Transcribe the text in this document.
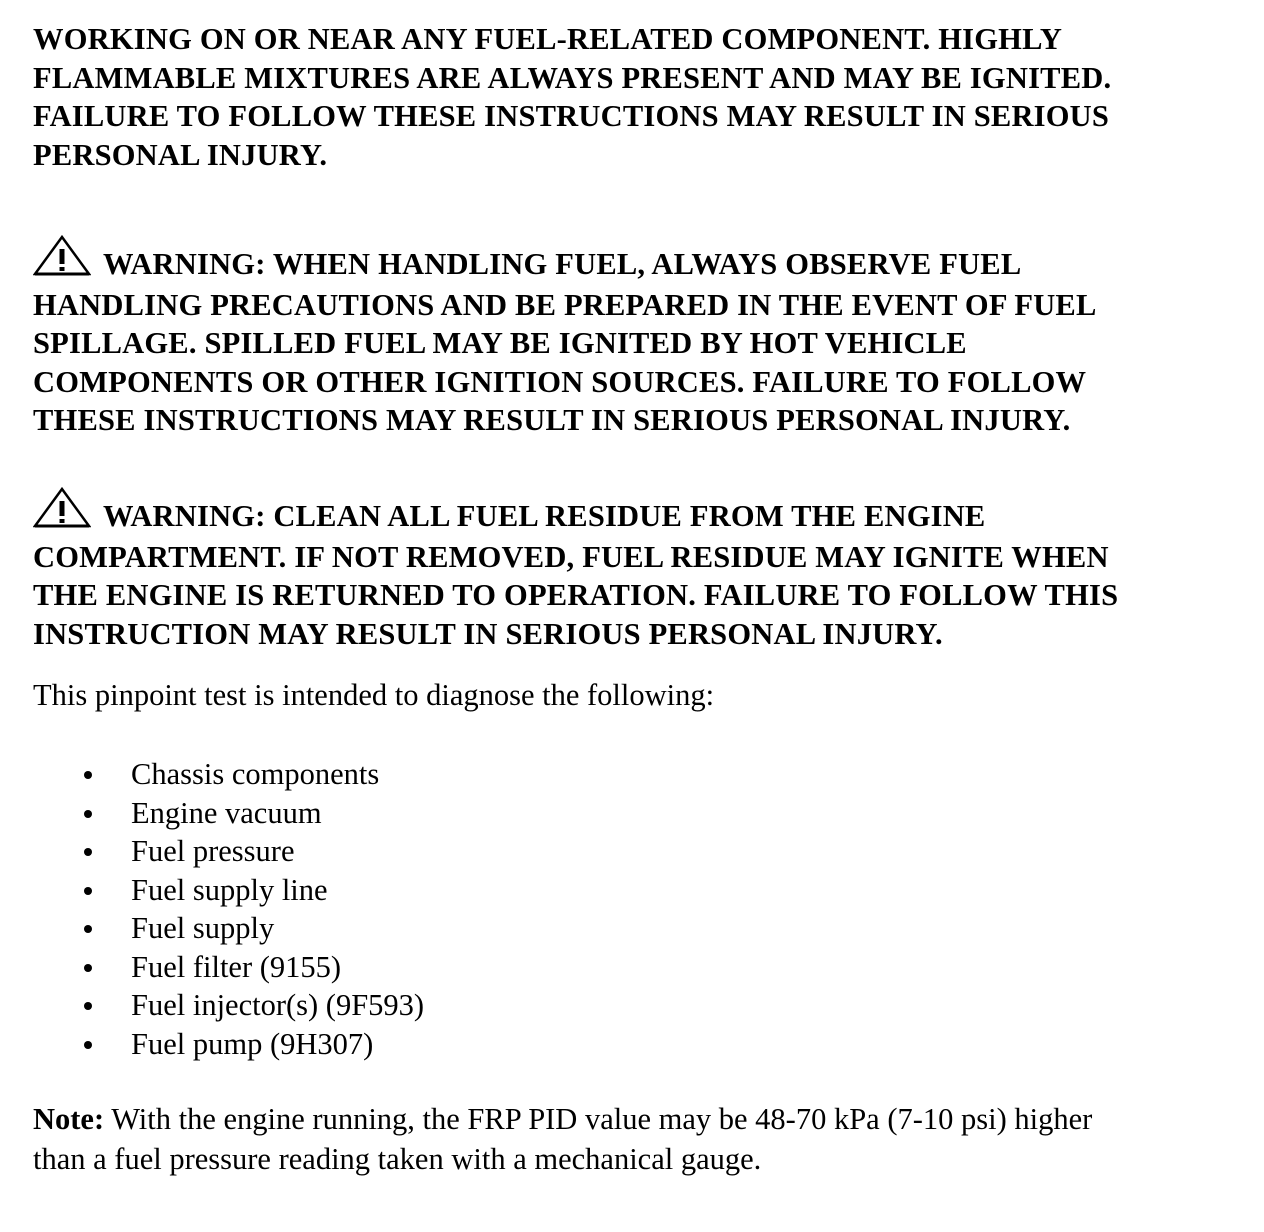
WORKING ON OR NEAR ANY FUEL-RELATED COMPONENT. HIGHLY
FLAMMABLE MIXTURES ARE ALWAYS PRESENT AND MAY BE IGNITED.
FAILURE TO FOLLOW THESE INSTRUCTIONS MAY RESULT IN SERIOUS
PERSONAL INJURY.
WARNING: WHEN HANDLING FUEL, ALWAYS OBSERVE FUEL
HANDLING PRECAUTIONS AND BE PREPARED IN THE EVENT OF FUEL
SPILLAGE. SPILLED FUEL MAY BE IGNITED BY HOT VEHICLE
COMPONENTS OR OTHER IGNITION SOURCES. FAILURE TO FOLLOW
THESE INSTRUCTIONS MAY RESULT IN SERIOUS PERSONAL INJURY.
WARNING: CLEAN ALL FUEL RESIDUE FROM THE ENGINE
COMPARTMENT. IF NOT REMOVED, FUEL RESIDUE MAY IGNITE WHEN
THE ENGINE IS RETURNED TO OPERATION. FAILURE TO FOLLOW THIS
INSTRUCTION MAY RESULT IN SERIOUS PERSONAL INJURY.
This pinpoint test is intended to diagnose the following:
Chassis components
Engine vacuum
Fuel pressure
Fuel supply line
Fuel supply
Fuel filter (9155)
Fuel injector(s) (9F593)
Fuel pump (9H307)
Note: With the engine running, the FRP PID value may be 48-70 kPa (7-10 psi) higher
than a fuel pressure reading taken with a mechanical gauge.
